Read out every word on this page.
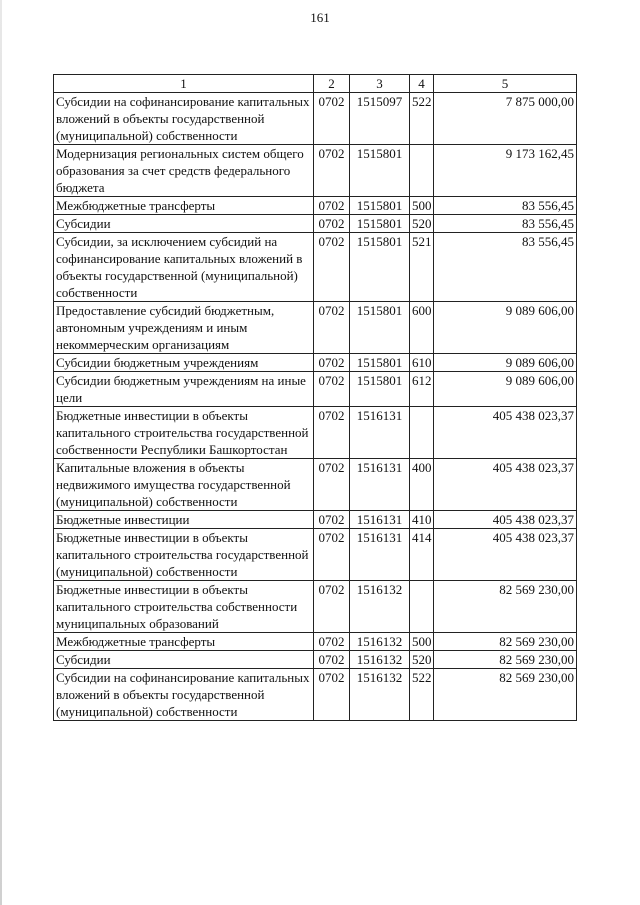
161
1	2	3	4	5
Субсидии на софинансирование капитальных вложений в объекты государственной (муниципальной) собственности	0702	1515097	522	7 875 000,00
Модернизация региональных систем общего образования за счет средств федерального бюджета	0702	1515801		9 173 162,45
Межбюджетные трансферты	0702	1515801	500	83 556,45
Субсидии	0702	1515801	520	83 556,45
Субсидии, за исключением субсидий на софинансирование капитальных вложений в объекты государственной (муниципальной) собственности	0702	1515801	521	83 556,45
Предоставление субсидий бюджетным, автономным учреждениям и иным некоммерческим организациям	0702	1515801	600	9 089 606,00
Субсидии бюджетным учреждениям	0702	1515801	610	9 089 606,00
Субсидии бюджетным учреждениям на иные цели	0702	1515801	612	9 089 606,00
Бюджетные инвестиции в объекты капитального строительства государственной собственности Республики Башкортостан	0702	1516131		405 438 023,37
Капитальные вложения в объекты недвижимого имущества государственной (муниципальной) собственности	0702	1516131	400	405 438 023,37
Бюджетные инвестиции	0702	1516131	410	405 438 023,37
Бюджетные инвестиции в объекты капитального строительства государственной (муниципальной) собственности	0702	1516131	414	405 438 023,37
Бюджетные инвестиции в объекты капитального строительства собственности муниципальных образований	0702	1516132		82 569 230,00
Межбюджетные трансферты	0702	1516132	500	82 569 230,00
Субсидии	0702	1516132	520	82 569 230,00
Субсидии на софинансирование капитальных вложений в объекты государственной (муниципальной) собственности	0702	1516132	522	82 569 230,00
